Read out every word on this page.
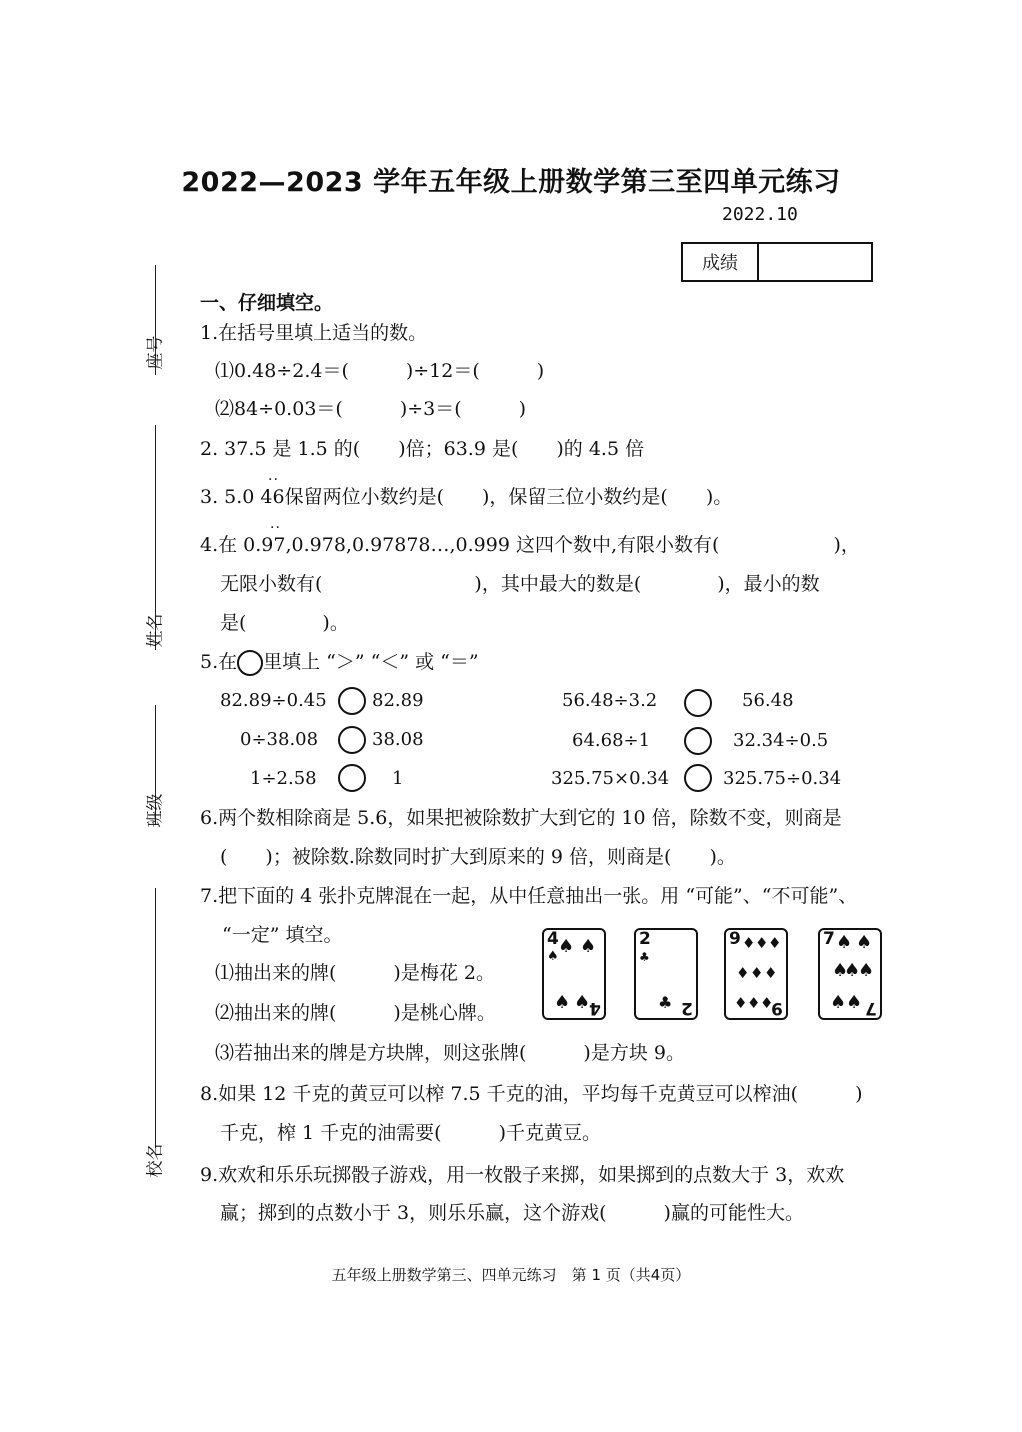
2022—2023 学年五年级上册数学第三至四单元练习
2022.10
成绩
座号
姓名
班级
校名
一、仔细填空。
1.在括号里填上适当的数。
⑴0.48÷2.4＝(　　　)÷12＝(　　　)
⑵84÷0.03＝(　　　)÷3＝(　　　)
2. 37.5 是 1.5 的(　　)倍；63.9 是(　　)的 4.5 倍
..
3. 5.0 46保留两位小数约是(　　)，保留三位小数约是(　　)。
..
4.在 0.97,0.978,0.97878…,0.999 这四个数中,有限小数有(　　　　　　)，
无限小数有(　　　　　　　　)，其中最大的数是(　　　　)，最小的数
是(　　　　)。
5.在 里填上 “＞” “＜” 或 “＝”
82.89÷0.45	82.89
0÷38.08	38.08
1÷2.58	1
56.48÷3.2	56.48
64.68÷1	32.34÷0.5
325.75×0.34	325.75÷0.34
6.两个数相除商是 5.6，如果把被除数扩大到它的 10 倍，除数不变，则商是
(　　)；被除数.除数同时扩大到原来的 9 倍，则商是(　　)。
7.把下面的 4 张扑克牌混在一起，从中任意抽出一张。用 “可能”、“不可能”、
“一定” 填空。
⑴抽出来的牌(　　　)是梅花 2。
⑵抽出来的牌(　　　)是桃心牌。
⑶若抽出来的牌是方块牌，则这张牌(　　　)是方块 9。
4
♠ ♠ ♠
♠ ♠ 4
2
♣
♣ 2
9 ♦ ♦ ♦
♦ ♦ ♦
♦ ♦ ♦
9
7 ♠ ♠
♠
♠
♠
♠ ♠ 7
8.如果 12 千克的黄豆可以榨 7.5 千克的油，平均每千克黄豆可以榨油(　　　)
千克，榨 1 千克的油需要(　　　)千克黄豆。
9.欢欢和乐乐玩掷骰子游戏，用一枚骰子来掷，如果掷到的点数大于 3，欢欢
赢；掷到的点数小于 3，则乐乐赢，这个游戏(　　　)赢的可能性大。
五年级上册数学第三、四单元练习　第 1 页（共4页）
